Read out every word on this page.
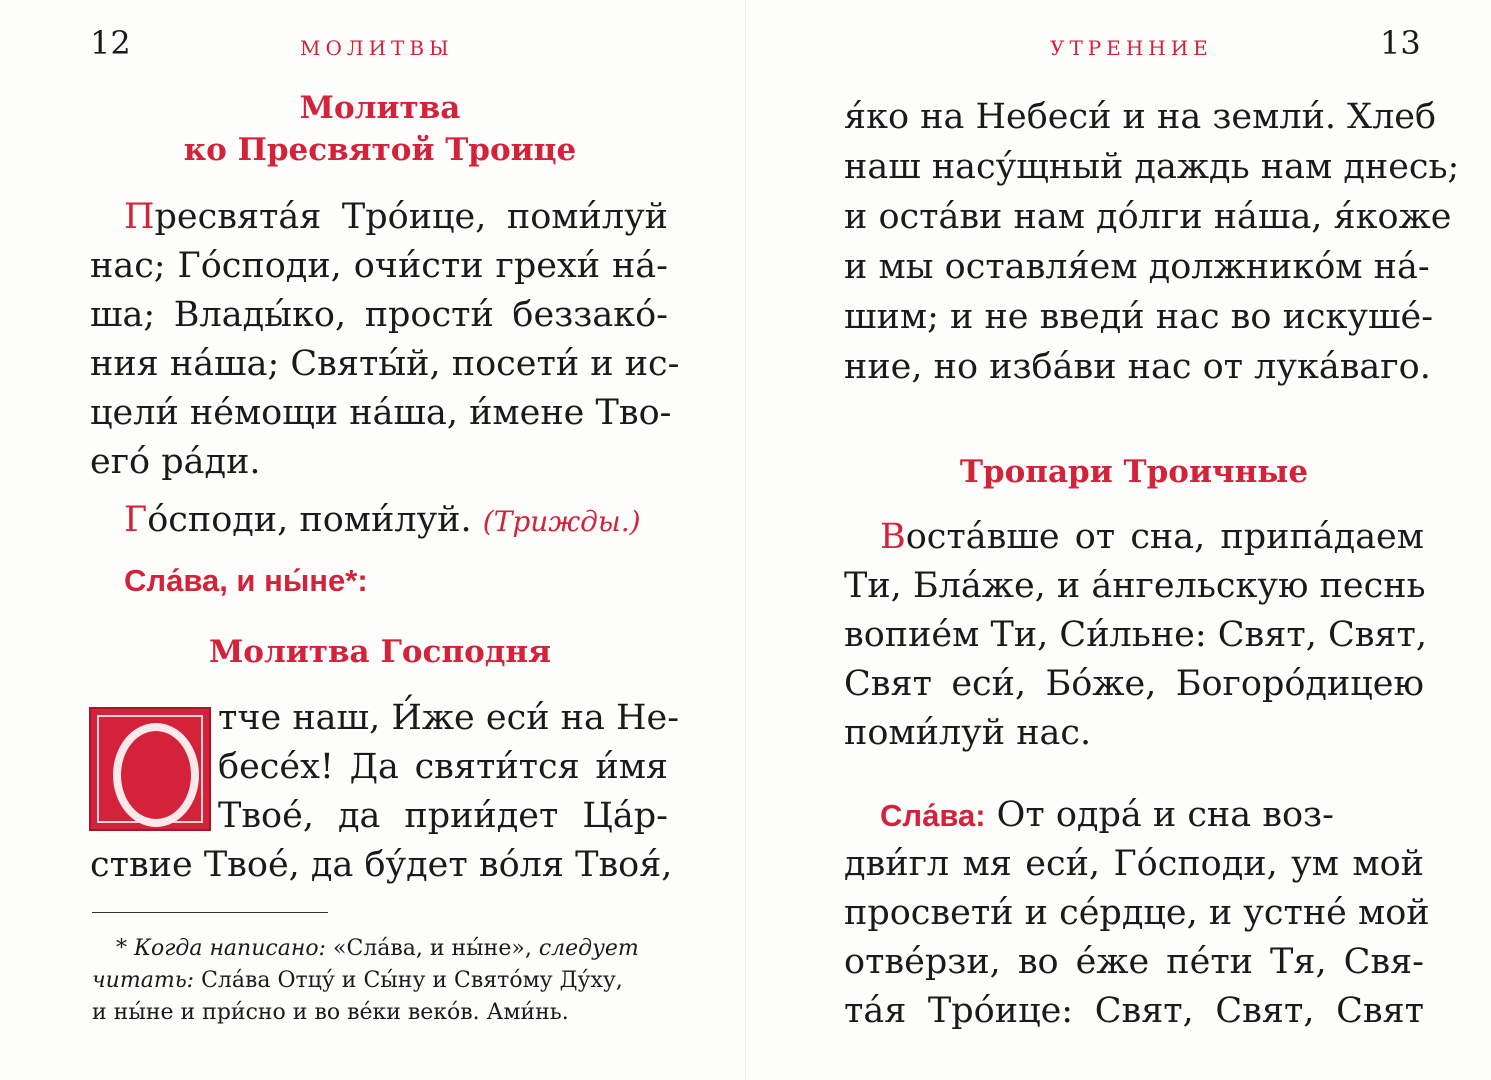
12	МОЛИТВЫ
Молитва
ко Пресвятой Троице
Пресвята́я Тро́ице, поми́луй
нас; Го́споди, очи́сти грехи́ на́-
ша; Влады́ко, прости́ беззако́-
ния на́ша; Святы́й, посети́ и ис-
цели́ не́мощи на́ша, и́мене Тво-
его́ ра́ди.
Го́споди, поми́луй. (Трижды.)
Сла́ва, и ны́не*:
Молитва Господня
тче наш, И́же еси́ на Не-
бесе́х! Да святи́тся и́мя
Твое́, да прии́дет Ца́р-
ствие Твое́, да бу́дет во́ля Твоя́,
* Когда написано: «Сла́ва, и ны́не», следует
читать: Сла́ва Отцу́ и Сы́ну и Свято́му Ду́ху,
и ны́не и при́сно и во ве́ки веко́в. Ами́нь.
УТРЕННИЕ	13
я́ко на Небеси́ и на земли́. Хлеб
наш насу́щный даждь нам днесь;
и оста́ви нам до́лги на́ша, я́коже
и мы оставля́ем должнико́м на́-
шим; и не введи́ нас во искуше́-
ние, но изба́ви нас от лука́ваго.
Тропари Троичные
Воста́вше от сна, припа́даем
Ти, Бла́же, и а́нгельскую песнь
вопие́м Ти, Си́льне: Свят, Свят,
Свят еси́, Бо́же, Богоро́дицею
поми́луй нас.
Сла́ва: От одра́ и сна воз-
дви́гл мя еси́, Го́споди, ум мой
просвети́ и се́рдце, и устне́ мой
отве́рзи, во е́же пе́ти Тя, Свя-
та́я Тро́ице: Свят, Свят, Свят
